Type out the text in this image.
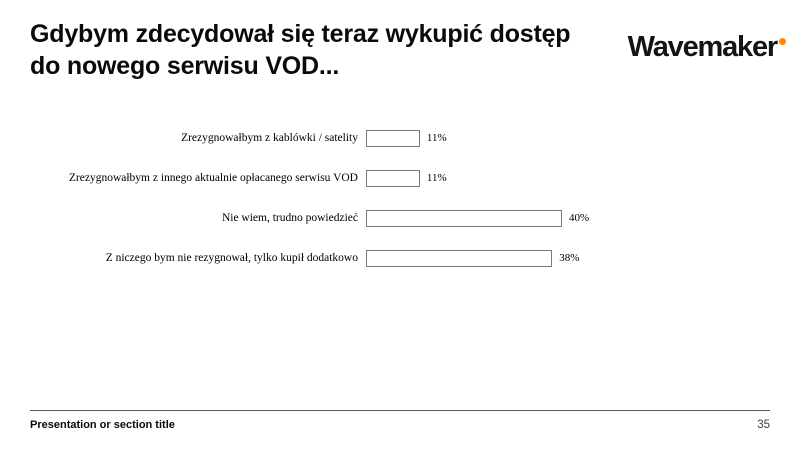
Gdybym zdecydował się teraz wykupić dostęp
do nowego serwisu VOD...
Wavemaker
Zrezygnowałbym z kablówki / satelity	11%
Zrezygnowałbym z innego aktualnie opłacanego serwisu VOD	11%
Nie wiem, trudno powiedzieć	40%
Z niczego bym nie rezygnował, tylko kupił dodatkowo	38%
Presentation or section title	35
